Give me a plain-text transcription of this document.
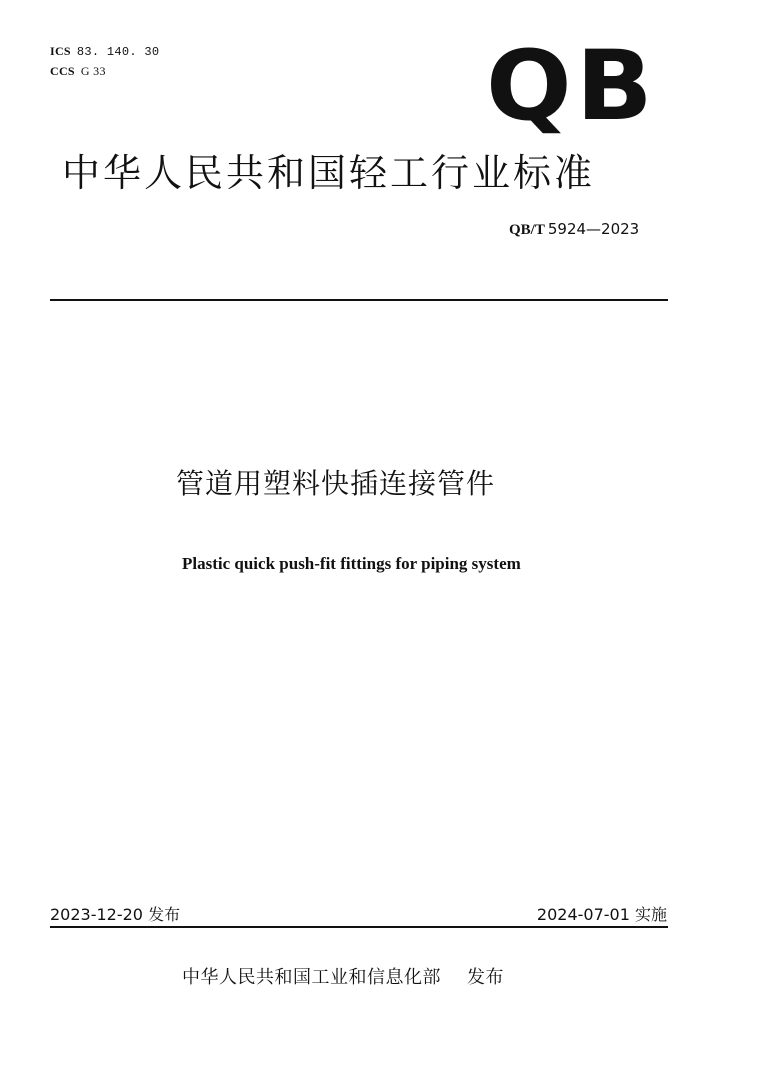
ICS 83. 140. 30
CCS G 33	QB
中华人民共和国轻工行业标准
QB/T 5924—2023
管道用塑料快插连接管件
Plastic quick push-fit fittings for piping system
2023-12-20 发布	2024-07-01 实施
中华人民共和国工业和信息化部 发布
